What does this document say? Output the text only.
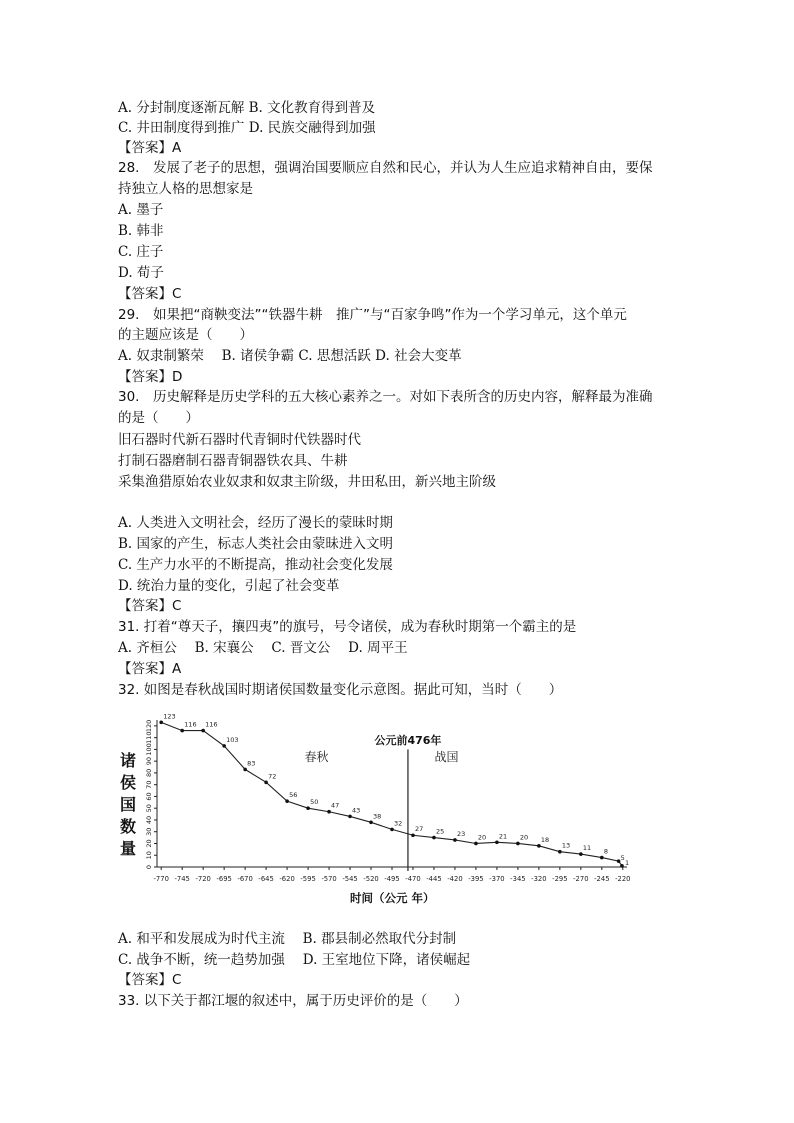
A. 分封制度逐渐瓦解 B. 文化教育得到普及
C. 井田制度得到推广 D. 民族交融得到加强
【答案】A
28.　发展了老子的思想，强调治国要顺应自然和民心，并认为人生应追求精神自由，要保
持独立人格的思想家是
A. 墨子
B. 韩非
C. 庄子
D. 荀子
【答案】C
29.　如果把“商鞅变法”“铁器牛耕　推广”与“百家争鸣”作为一个学习单元，这个单元
的主题应该是（　　）
A. 奴隶制繁荣　 B. 诸侯争霸 C. 思想活跃 D. 社会大变革
【答案】D
30.　历史解释是历史学科的五大核心素养之一。对如下表所含的历史内容，解释最为准确
的是（　　）
旧石器时代新石器时代青铜时代铁器时代
打制石器磨制石器青铜器铁农具、牛耕
采集渔猎原始农业奴隶和奴隶主阶级，井田私田，新兴地主阶级
A. 人类进入文明社会，经历了漫长的蒙昧时期
B. 国家的产生，标志人类社会由蒙昧进入文明
C. 生产力水平的不断提高，推动社会变化发展
D. 统治力量的变化，引起了社会变革
【答案】C
31. 打着“尊天子，攘四夷”的旗号，号令诸侯，成为春秋时期第一个霸主的是
A. 齐桓公　 B. 宋襄公　 C. 晋文公　 D. 周平王
【答案】A
32. 如图是春秋战国时期诸侯国数量变化示意图。据此可知，当时（　　）
诸侯国数量
0
10
20
30
40
50
60
70
80
90
100
110
120
-770 -745 -720 -695 -670 -645 -620 -595 -570 -545 -520 -495 -470 -445 -420 -395 -370 -345 -320 -295 -270 -245 -220
公元前476年
春秋	战国
123
116 116
103
83
72
56
50 47
43
38
32
27 25 23 20 21 20 18
13 11 8
5
1
时间（公元 年）
A. 和平和发展成为时代主流　 B. 郡县制必然取代分封制
C. 战争不断，统一趋势加强　 D. 王室地位下降，诸侯崛起
【答案】C
33. 以下关于都江堰的叙述中，属于历史评价的是（　　）
